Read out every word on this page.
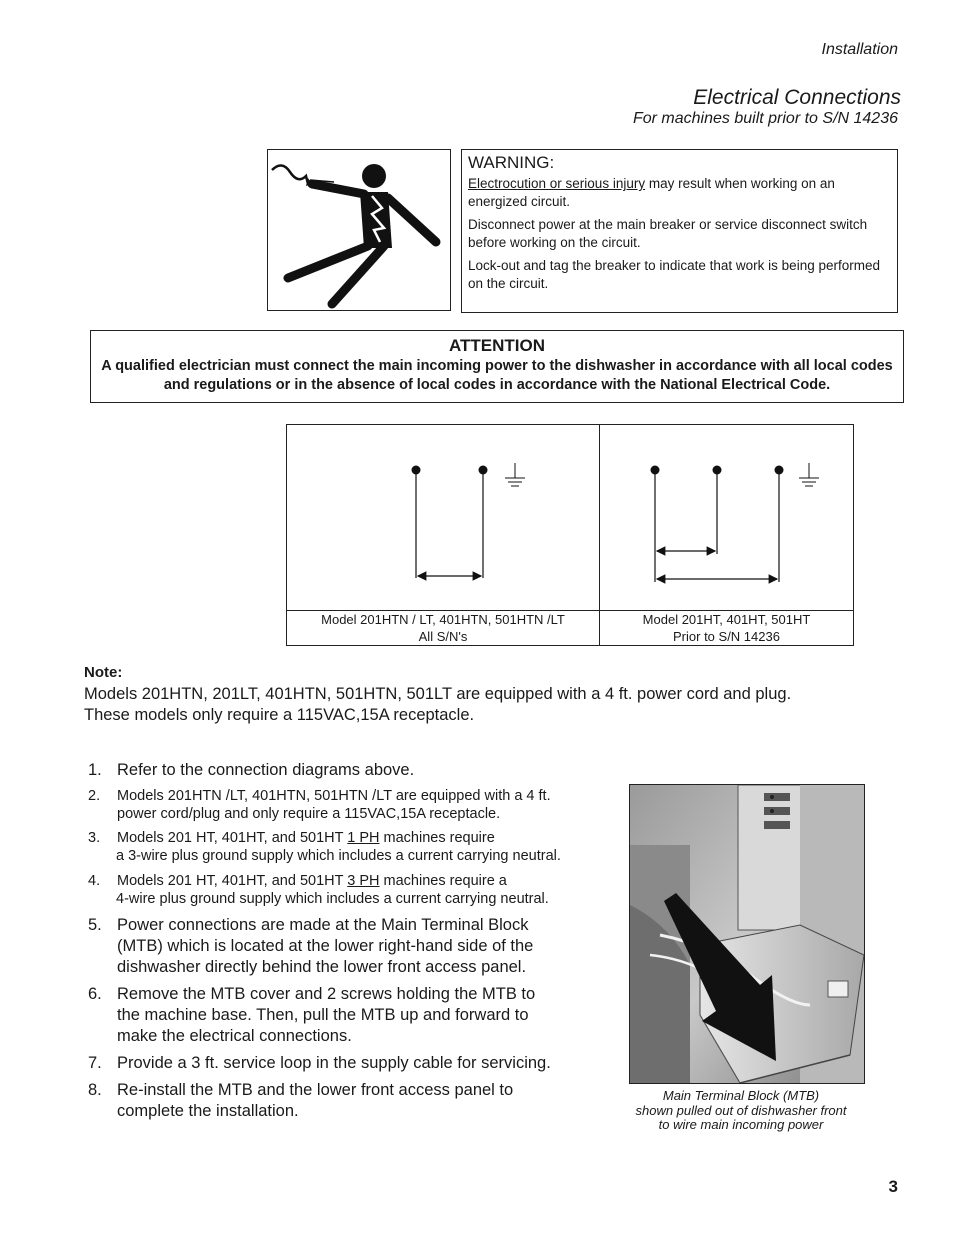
Installation
Electrical Connections
For machines built prior to S/N 14236
WARNING:

Electrocution or serious injury may result when working on an energized circuit.

Disconnect power at the main breaker or service disconnect switch before working on the circuit.

Lock-out and tag the breaker to indicate that work is being performed on the circuit.

ATTENTION
A qualified electrician must connect the main incoming power to the dishwasher in accordance with all local codes and regulations or in the absence of local codes in accordance with the National Electrical Code.
Model 201HTN / LT, 401HTN, 501HTN /LT
All S/N's
Model 201HT, 401HT, 501HT
Prior to S/N 14236
Note:
Models 201HTN, 201LT, 401HTN, 501HTN, 501LT are equipped with a 4 ft. power cord and plug.
These models only require a 115VAC,15A receptacle.
1. Refer to the connection diagrams above.
2.	Models 201HTN /LT, 401HTN, 501HTN /LT are equipped with a 4 ft. power cord/plug and only require a 115VAC,15A receptacle.
3. Models 201 HT, 401HT, and 501HT 1 PH machines require
a 3-wire plus ground supply which includes a current carrying neutral.
4. Models 201 HT, 401HT, and 501HT 3 PH machines require a
4-wire plus ground supply which includes a current carrying neutral.
5. Power connections are made at the Main Terminal Block (MTB) which is located at the lower right-hand side of the dishwasher directly behind the lower front access panel.
6. Remove the MTB cover and 2 screws holding the MTB to the machine base. Then, pull the MTB up and forward to make the electrical connections.
7. Provide a 3 ft. service loop in the supply cable for servicing.
8. Re-install the MTB and the lower front access panel to complete the installation.
Main Terminal Block (MTB)
shown pulled out of dishwasher front
to wire main incoming power
3
